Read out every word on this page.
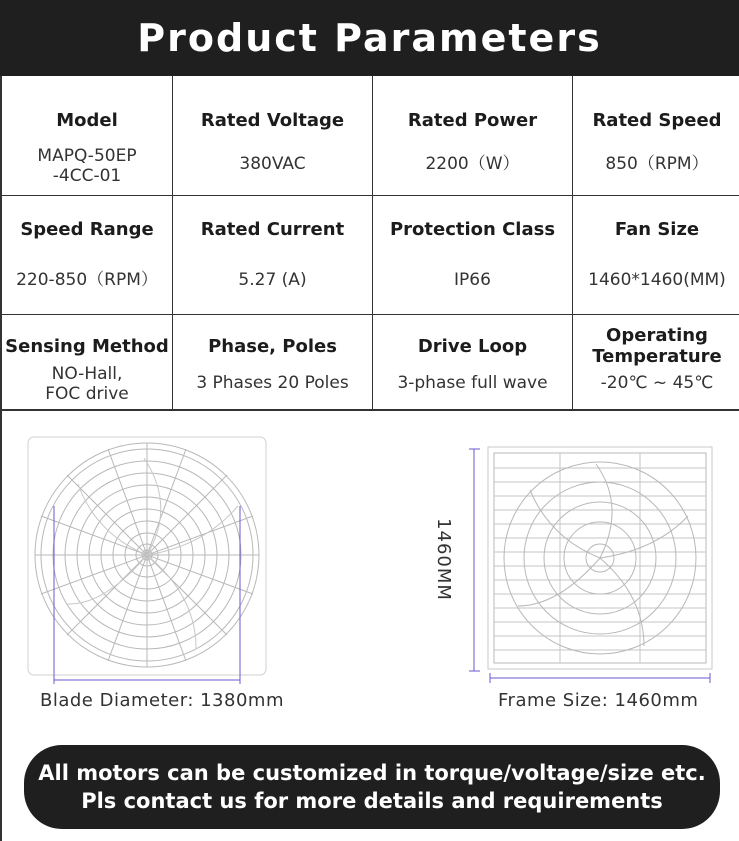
Product Parameters
Model
MAPQ-50EP
-4CC-01
Rated Voltage
380VAC
Rated Power
2200（W）
Rated Speed
850（RPM）
Speed Range
220-850（RPM）
Rated Current
5.27 (A)
Protection Class
IP66
Fan Size
1460*1460(MM)
Sensing Method
NO-Hall,
FOC drive
Phase, Poles
3 Phases 20 Poles
Drive Loop
3-phase full wave
Operating
Temperature
-20℃ ~ 45℃
Blade Diameter: 1380mm
1460MM
Frame Size: 1460mm
All motors can be customized in torque/voltage/size etc.
Pls contact us for more details and requirements
